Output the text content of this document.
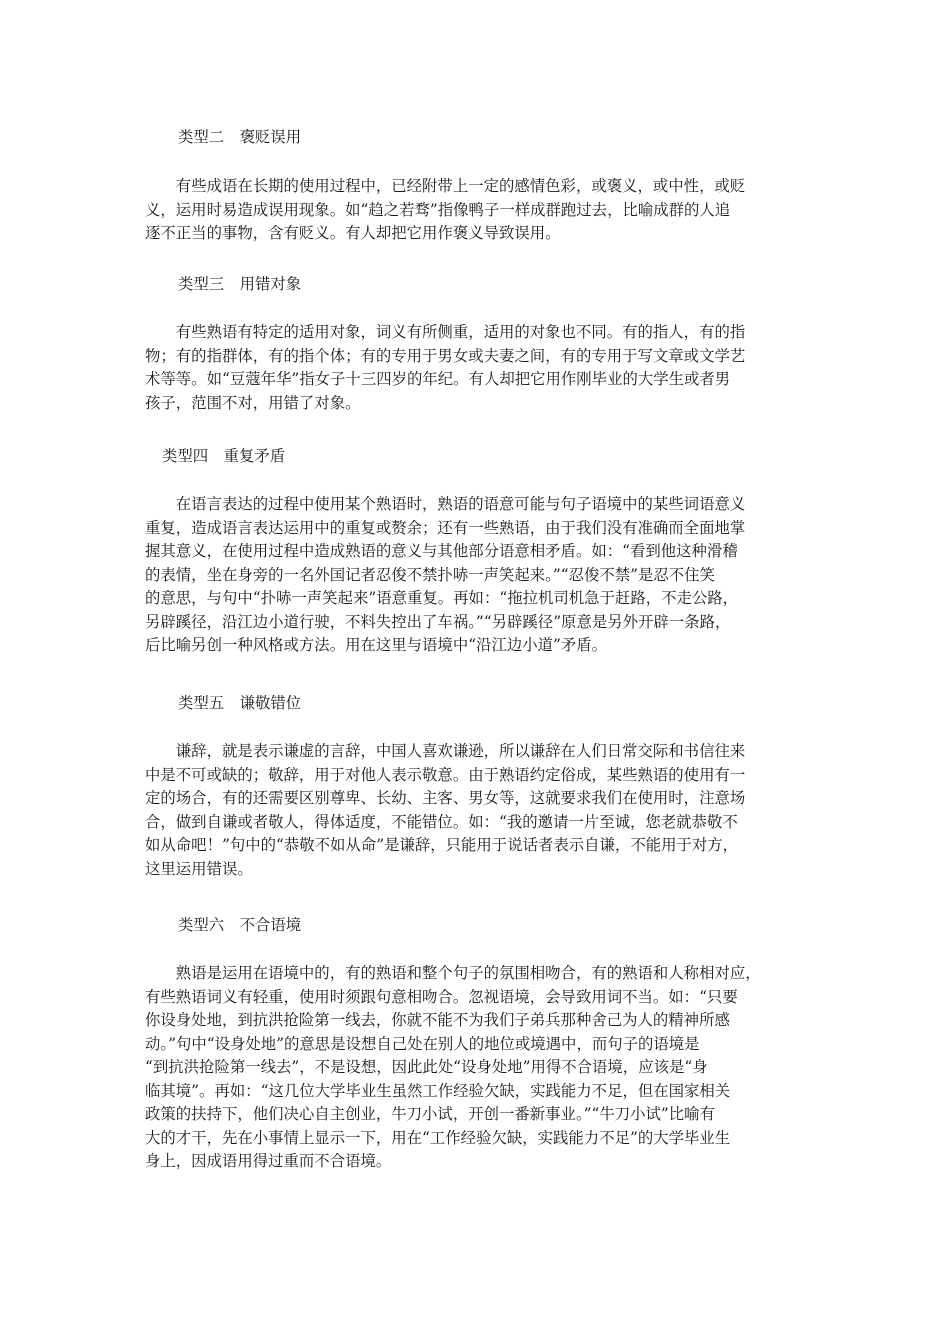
类型二　褒贬误用
　　有些成语在长期的使用过程中，已经附带上一定的感情色彩，或褒义，或中性，或贬
义，运用时易造成误用现象。如“趋之若骛”指像鸭子一样成群跑过去，比喻成群的人追
逐不正当的事物，含有贬义。有人却把它用作褒义导致误用。
类型三　用错对象
　　有些熟语有特定的适用对象，词义有所侧重，适用的对象也不同。有的指人，有的指
物；有的指群体，有的指个体；有的专用于男女或夫妻之间，有的专用于写文章或文学艺
术等等。如“豆蔻年华”指女子十三四岁的年纪。有人却把它用作刚毕业的大学生或者男
孩子，范围不对，用错了对象。
类型四　重复矛盾
　　在语言表达的过程中使用某个熟语时，熟语的语意可能与句子语境中的某些词语意义
重复，造成语言表达运用中的重复或赘余；还有一些熟语，由于我们没有准确而全面地掌
握其意义，在使用过程中造成熟语的意义与其他部分语意相矛盾。如：“看到他这种滑稽
的表情，坐在身旁的一名外国记者忍俊不禁扑哧一声笑起来。”“忍俊不禁”是忍不住笑
的意思，与句中“扑哧一声笑起来”语意重复。再如：“拖拉机司机急于赶路，不走公路，
另辟蹊径，沿江边小道行驶，不料失控出了车祸。”“另辟蹊径”原意是另外开辟一条路，
后比喻另创一种风格或方法。用在这里与语境中“沿江边小道”矛盾。
类型五　谦敬错位
　　谦辞，就是表示谦虚的言辞，中国人喜欢谦逊，所以谦辞在人们日常交际和书信往来
中是不可或缺的；敬辞，用于对他人表示敬意。由于熟语约定俗成，某些熟语的使用有一
定的场合，有的还需要区别尊卑、长幼、主客、男女等，这就要求我们在使用时，注意场
合，做到自谦或者敬人，得体适度，不能错位。如：“我的邀请一片至诚，您老就恭敬不
如从命吧！”句中的“恭敬不如从命”是谦辞，只能用于说话者表示自谦，不能用于对方，
这里运用错误。
类型六　不合语境
　　熟语是运用在语境中的，有的熟语和整个句子的氛围相吻合，有的熟语和人称相对应，
有些熟语词义有轻重，使用时须跟句意相吻合。忽视语境，会导致用词不当。如：“只要
你设身处地，到抗洪抢险第一线去，你就不能不为我们子弟兵那种舍己为人的精神所感
动。”句中“设身处地”的意思是设想自己处在别人的地位或境遇中，而句子的语境是
“到抗洪抢险第一线去”，不是设想，因此此处“设身处地”用得不合语境，应该是“身
临其境”。再如：“这几位大学毕业生虽然工作经验欠缺，实践能力不足，但在国家相关
政策的扶持下，他们决心自主创业，牛刀小试，开创一番新事业。”“牛刀小试”比喻有
大的才干，先在小事情上显示一下，用在“工作经验欠缺，实践能力不足”的大学毕业生
身上，因成语用得过重而不合语境。
